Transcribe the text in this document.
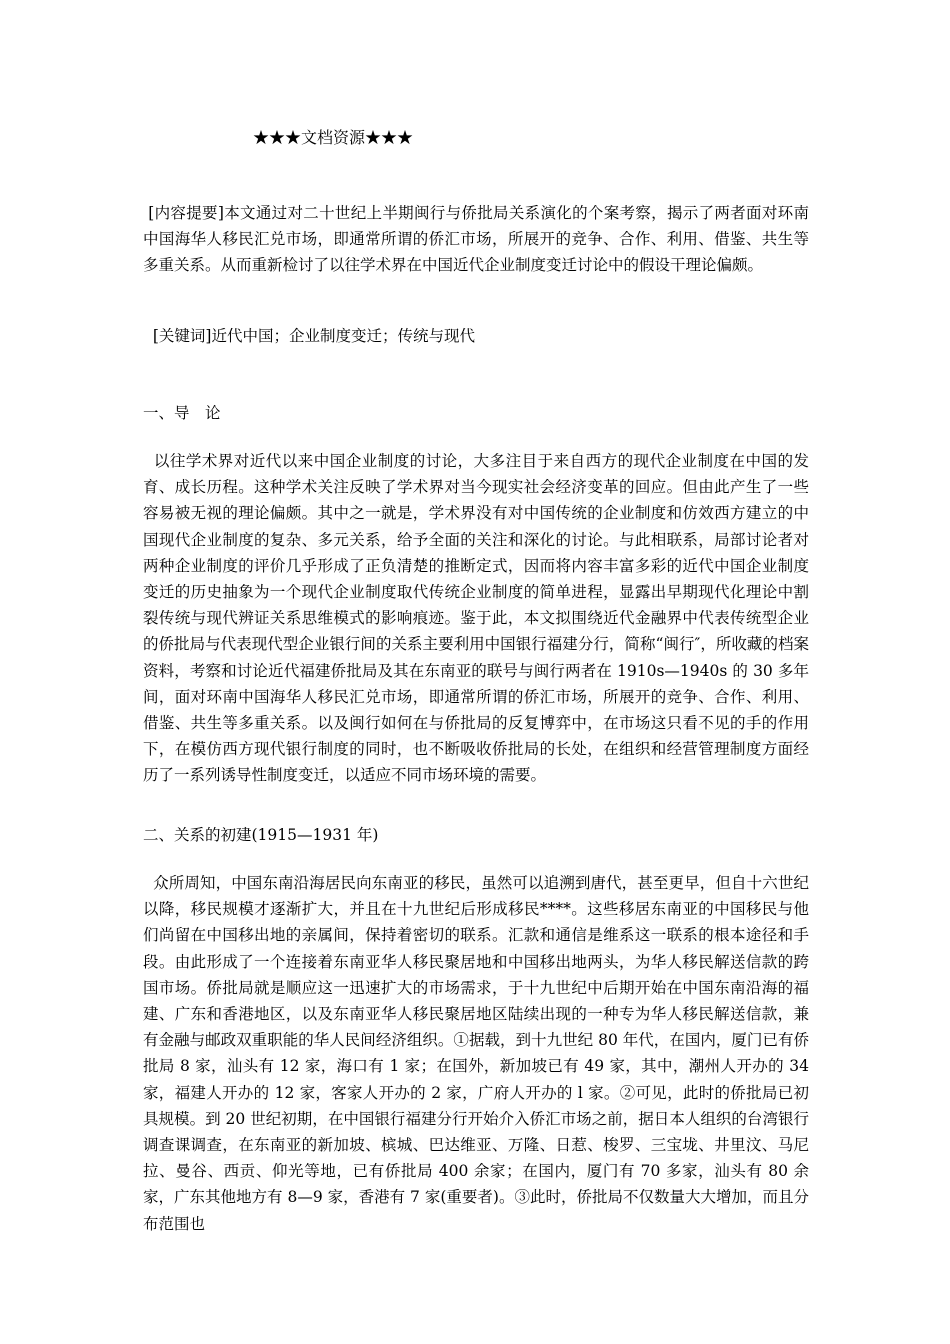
★★★文档资源★★★
[内容提要]本文通过对二十世纪上半期闽行与侨批局关系演化的个案考察，揭示了两者面对环南中国海华人移民汇兑市场，即通常所谓的侨汇市场，所展开的竞争、合作、利用、借鉴、共生等多重关系。从而重新检讨了以往学术界在中国近代企业制度变迁讨论中的假设干理论偏颇。
[关键词]近代中国；企业制度变迁；传统与现代
一、导　论
以往学术界对近代以来中国企业制度的讨论，大多注目于来自西方的现代企业制度在中国的发育、成长历程。这种学术关注反映了学术界对当今现实社会经济变革的回应。但由此产生了一些容易被无视的理论偏颇。其中之一就是，学术界没有对中国传统的企业制度和仿效西方建立的中国现代企业制度的复杂、多元关系，给予全面的关注和深化的讨论。与此相联系，局部讨论者对两种企业制度的评价几乎形成了正负清楚的推断定式，因而将内容丰富多彩的近代中国企业制度变迁的历史抽象为一个现代企业制度取代传统企业制度的简单进程，显露出早期现代化理论中割裂传统与现代辨证关系思维模式的影响痕迹。鉴于此，本文拟围绕近代金融界中代表传统型企业的侨批局与代表现代型企业银行间的关系主要利用中国银行福建分行，简称“闽行″，所收藏的档案资料，考察和讨论近代福建侨批局及其在东南亚的联号与闽行两者在 1910s—1940s 的 30 多年间，面对环南中国海华人移民汇兑市场，即通常所谓的侨汇市场，所展开的竞争、合作、利用、借鉴、共生等多重关系。以及闽行如何在与侨批局的反复博弈中，在市场这只看不见的手的作用下，在模仿西方现代银行制度的同时，也不断吸收侨批局的长处，在组织和经营管理制度方面经历了一系列诱导性制度变迁，以适应不同市场环境的需要。
二、关系的初建(1915—1931 年)
众所周知，中国东南沿海居民向东南亚的移民，虽然可以追溯到唐代，甚至更早，但自十六世纪以降，移民规模才逐渐扩大，并且在十九世纪后形成移民****。这些移居东南亚的中国移民与他们尚留在中国移出地的亲属间，保持着密切的联系。汇款和通信是维系这一联系的根本途径和手段。由此形成了一个连接着东南亚华人移民聚居地和中国移出地两头，为华人移民解送信款的跨国市场。侨批局就是顺应这一迅速扩大的市场需求，于十九世纪中后期开始在中国东南沿海的福建、广东和香港地区，以及东南亚华人移民聚居地区陆续出现的一种专为华人移民解送信款，兼有金融与邮政双重职能的华人民间经济组织。①据载，到十九世纪 80 年代，在国内，厦门已有侨批局 8 家，汕头有 12 家，海口有 1 家；在国外，新加坡已有 49 家，其中，潮州人开办的 34 家，福建人开办的 12 家，客家人开办的 2 家，广府人开办的 l 家。②可见，此时的侨批局已初具规模。到 20 世纪初期，在中国银行福建分行开始介入侨汇市场之前，据日本人组织的台湾银行调查课调查，在东南亚的新加坡、槟城、巴达维亚、万隆、日惹、梭罗、三宝垅、井里汶、马尼拉、曼谷、西贡、仰光等地，已有侨批局 400 余家；在国内，厦门有 70 多家，汕头有 80 余家，广东其他地方有 8—9 家，香港有 7 家(重要者)。③此时，侨批局不仅数量大大增加，而且分布范围也
